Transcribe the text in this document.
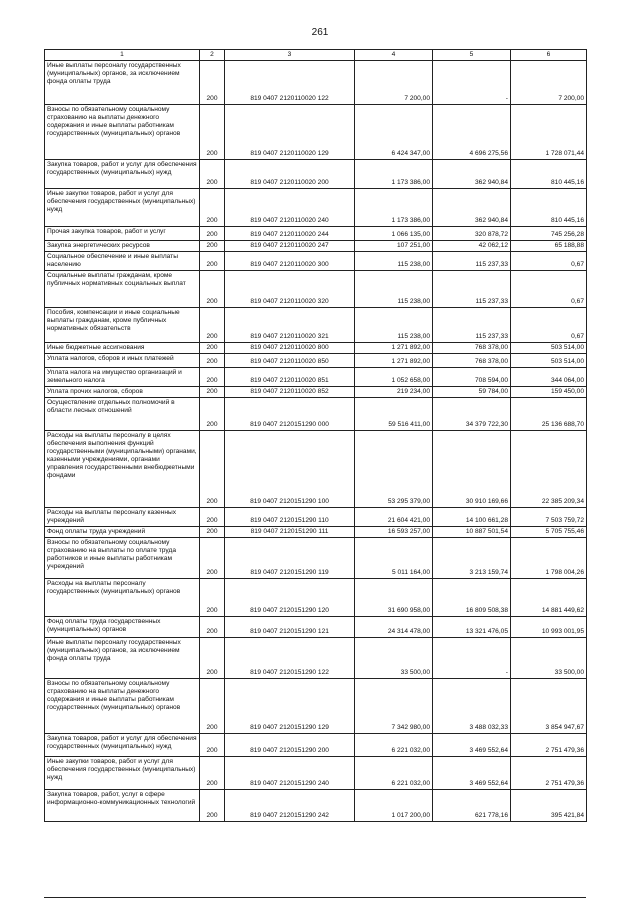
261
1	2	3	4	5	6
Иные выплаты персоналу государственных (муниципальных) органов, за исключением фонда оплаты труда	200	819 0407 2120110020 122	7 200,00	-	7 200,00
Взносы по обязательному социальному страхованию на выплаты денежного содержания и иные выплаты работникам государственных (муниципальных) органов	200	819 0407 2120110020 129	6 424 347,00	4 696 275,56	1 728 071,44
Закупка товаров, работ и услуг для обеспечения государственных (муниципальных) нужд	200	819 0407 2120110020 200	1 173 386,00	362 940,84	810 445,16
Иные закупки товаров, работ и услуг для обеспечения государственных (муниципальных) нужд	200	819 0407 2120110020 240	1 173 386,00	362 940,84	810 445,16
Прочая закупка товаров, работ и услуг	200	819 0407 2120110020 244	1 066 135,00	320 878,72	745 256,28
Закупка энергетических ресурсов	200	819 0407 2120110020 247	107 251,00	42 062,12	65 188,88
Социальное обеспечение и иные выплаты населению	200	819 0407 2120110020 300	115 238,00	115 237,33	0,67
Социальные выплаты гражданам, кроме публичных нормативных социальных выплат	200	819 0407 2120110020 320	115 238,00	115 237,33	0,67
Пособия, компенсации и иные социальные выплаты гражданам, кроме публичных нормативных обязательств	200	819 0407 2120110020 321	115 238,00	115 237,33	0,67
Иные бюджетные ассигнования	200	819 0407 2120110020 800	1 271 892,00	768 378,00	503 514,00
Уплата налогов, сборов и иных платежей	200	819 0407 2120110020 850	1 271 892,00	768 378,00	503 514,00
Уплата налога на имущество организаций и земельного налога	200	819 0407 2120110020 851	1 052 658,00	708 594,00	344 064,00
Уплата прочих налогов, сборов	200	819 0407 2120110020 852	219 234,00	59 784,00	159 450,00
Осуществление отдельных полномочий в области лесных отношений	200	819 0407 2120151290 000	59 516 411,00	34 379 722,30	25 136 688,70
Расходы на выплаты персоналу в целях обеспечения выполнения функций государственными (муниципальными) органами, казенными учреждениями, органами управления государственными внебюджетными фондами	200	819 0407 2120151290 100	53 295 379,00	30 910 169,66	22 385 209,34
Расходы на выплаты персоналу казенных учреждений	200	819 0407 2120151290 110	21 604 421,00	14 100 661,28	7 503 759,72
Фонд оплаты труда учреждений	200	819 0407 2120151290 111	16 593 257,00	10 887 501,54	5 705 755,46
Взносы по обязательному социальному страхованию на выплаты по оплате труда работников и иные выплаты работникам учреждений	200	819 0407 2120151290 119	5 011 164,00	3 213 159,74	1 798 004,26
Расходы на выплаты персоналу государственных (муниципальных) органов	200	819 0407 2120151290 120	31 690 958,00	16 809 508,38	14 881 449,62
Фонд оплаты труда государственных (муниципальных) органов	200	819 0407 2120151290 121	24 314 478,00	13 321 476,05	10 993 001,95
Иные выплаты персоналу государственных (муниципальных) органов, за исключением фонда оплаты труда	200	819 0407 2120151290 122	33 500,00	-	33 500,00
Взносы по обязательному социальному страхованию на выплаты денежного содержания и иные выплаты работникам государственных (муниципальных) органов	200	819 0407 2120151290 129	7 342 980,00	3 488 032,33	3 854 947,67
Закупка товаров, работ и услуг для обеспечения государственных (муниципальных) нужд	200	819 0407 2120151290 200	6 221 032,00	3 469 552,64	2 751 479,36
Иные закупки товаров, работ и услуг для обеспечения государственных (муниципальных) нужд	200	819 0407 2120151290 240	6 221 032,00	3 469 552,64	2 751 479,36
Закупка товаров, работ, услуг в сфере информационно-коммуникационных технологий	200	819 0407 2120151290 242	1 017 200,00	621 778,16	395 421,84
